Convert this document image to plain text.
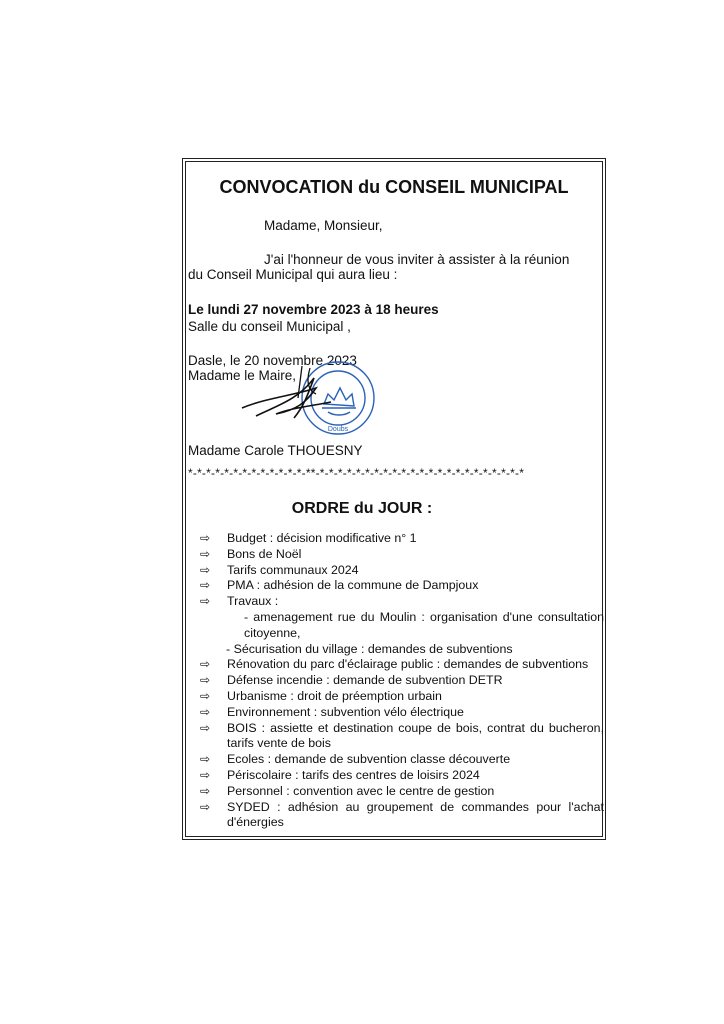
CONVOCATION du CONSEIL MUNICIPAL
Madame, Monsieur,
J'ai l'honneur de vous inviter à assister à la réunion
du Conseil Municipal qui aura lieu :
Le lundi 27 novembre 2023 à 18 heures
Salle du conseil Municipal ,
Dasle, le 20 novembre 2023
Madame le Maire,
Doubs
Madame Carole THOUESNY
*-*-*-*-*-*-*-*-*-*-*-*-*-**-*-*-*-*-*-*-*-*-*-*-*-*-*-*-*-*-*-*-*-*-*-*-*
ORDRE du JOUR :
⇨ Budget : décision modificative n° 1
⇨ Bons de Noël
⇨ Tarifs communaux 2024
⇨ PMA : adhésion de la commune de Dampjoux
⇨ Travaux :
- amenagement rue du Moulin : organisation d'une consultation citoyenne,
- Sécurisation du village : demandes de subventions
⇨ Rénovation du parc d'éclairage public : demandes de subventions
⇨ Défense incendie : demande de subvention DETR
⇨ Urbanisme : droit de préemption urbain
⇨ Environnement : subvention vélo électrique
⇨ BOIS : assiette et destination coupe de bois, contrat du bucheron, tarifs vente de bois
⇨ Ecoles : demande de subvention classe découverte
⇨ Périscolaire : tarifs des centres de loisirs 2024
⇨ Personnel : convention avec le centre de gestion
⇨ SYDED : adhésion au groupement de commandes pour l'achat d'énergies
